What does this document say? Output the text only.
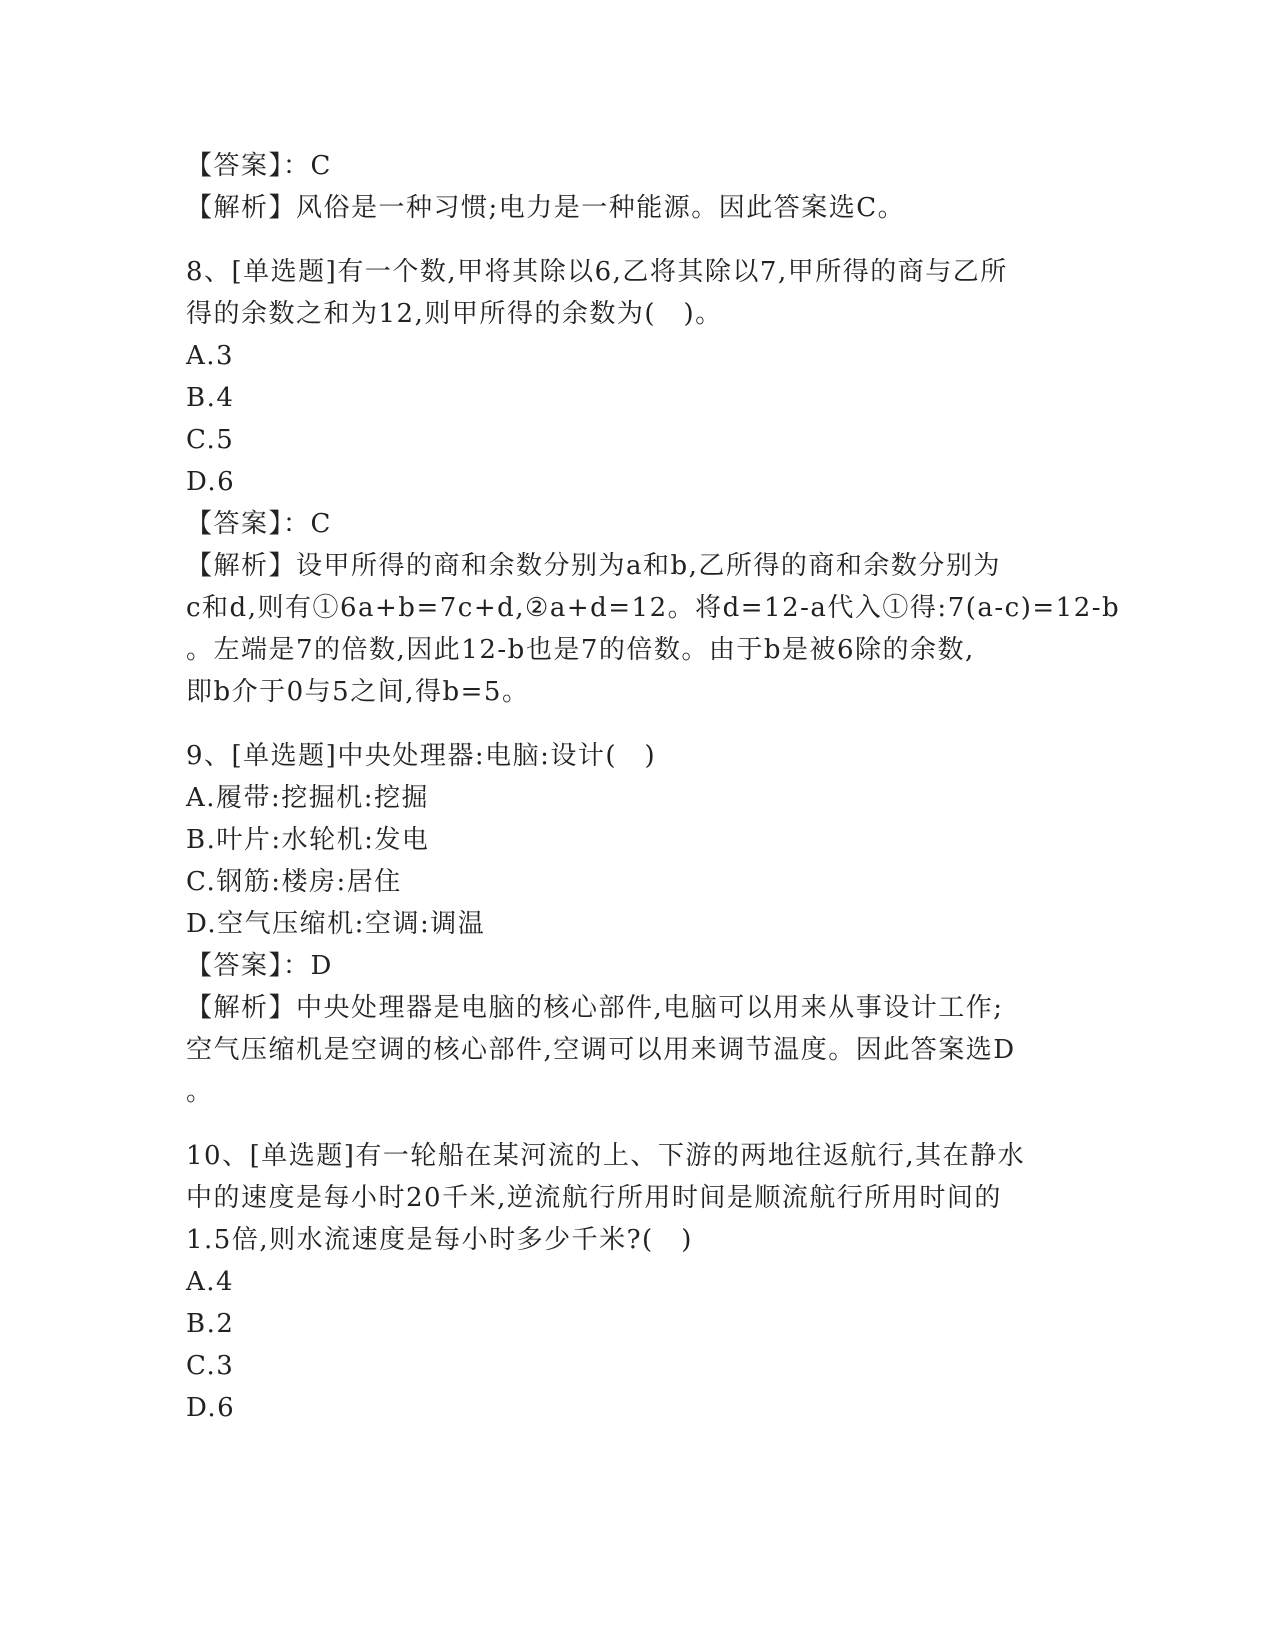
【答案】：C
【解析】风俗是一种习惯;电力是一种能源。因此答案选C。
8、[单选题]有一个数,甲将其除以6,乙将其除以7,甲所得的商与乙所
得的余数之和为12,则甲所得的余数为(　)。
A.3
B.4
C.5
D.6
【答案】：C
【解析】设甲所得的商和余数分别为a和b,乙所得的商和余数分别为
c和d,则有①6a+b=7c+d,②a+d=12。将d=12-a代入①得:7(a-c)=12-b
。左端是7的倍数,因此12-b也是7的倍数。由于b是被6除的余数,
即b介于0与5之间,得b=5。
9、[单选题]中央处理器:电脑:设计(　)
A.履带:挖掘机:挖掘
B.叶片:水轮机:发电
C.钢筋:楼房:居住
D.空气压缩机:空调:调温
【答案】：D
【解析】中央处理器是电脑的核心部件,电脑可以用来从事设计工作;
空气压缩机是空调的核心部件,空调可以用来调节温度。因此答案选D
。
10、[单选题]有一轮船在某河流的上、下游的两地往返航行,其在静水
中的速度是每小时20千米,逆流航行所用时间是顺流航行所用时间的
1.5倍,则水流速度是每小时多少千米?(　)
A.4
B.2
C.3
D.6
